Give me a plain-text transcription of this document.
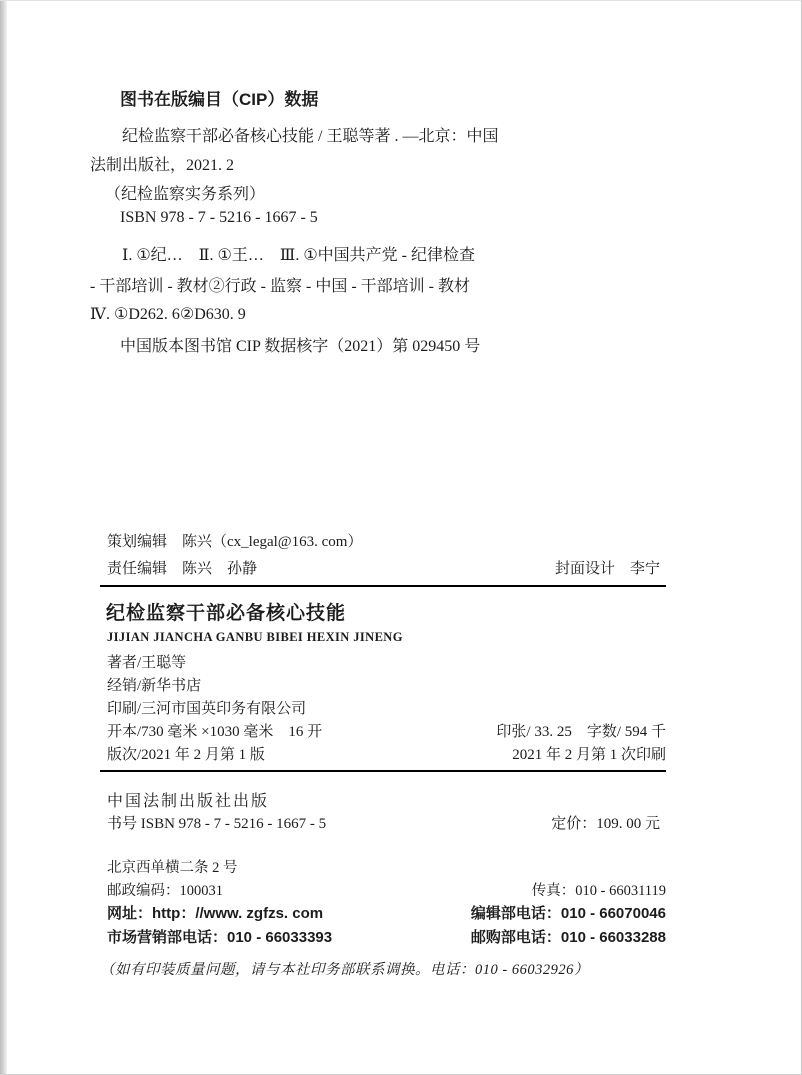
图书在版编目（CIP）数据
纪检监察干部必备核心技能 / 王聪等著 . —北京：中国
法制出版社，2021. 2
（纪检监察实务系列）
ISBN 978 - 7 - 5216 - 1667 - 5
Ⅰ. ①纪…　Ⅱ. ①王…　Ⅲ. ①中国共产党 - 纪律检查
- 干部培训 - 教材②行政 - 监察 - 中国 - 干部培训 - 教材
Ⅳ. ①D262. 6②D630. 9
中国版本图书馆 CIP 数据核字（2021）第 029450 号
策划编辑　陈兴（cx_legal@163. com）
责任编辑　陈兴　孙静	封面设计　李宁
纪检监察干部必备核心技能
JIJIAN JIANCHA GANBU BIBEI HEXIN JINENG
著者/王聪等
经销/新华书店
印刷/三河市国英印务有限公司
开本/730 毫米 ×1030 毫米　16 开	印张/ 33. 25　字数/ 594 千
版次/2021 年 2 月第 1 版	2021 年 2 月第 1 次印刷
中国法制出版社出版
书号 ISBN 978 - 7 - 5216 - 1667 - 5	定价：109. 00 元
北京西单横二条 2 号
邮政编码：100031	传真：010 - 66031119
网址：http：//www. zgfzs. com	编辑部电话：010 - 66070046
市场营销部电话：010 - 66033393	邮购部电话：010 - 66033288
（如有印装质量问题，请与本社印务部联系调换。电话：010 - 66032926）
